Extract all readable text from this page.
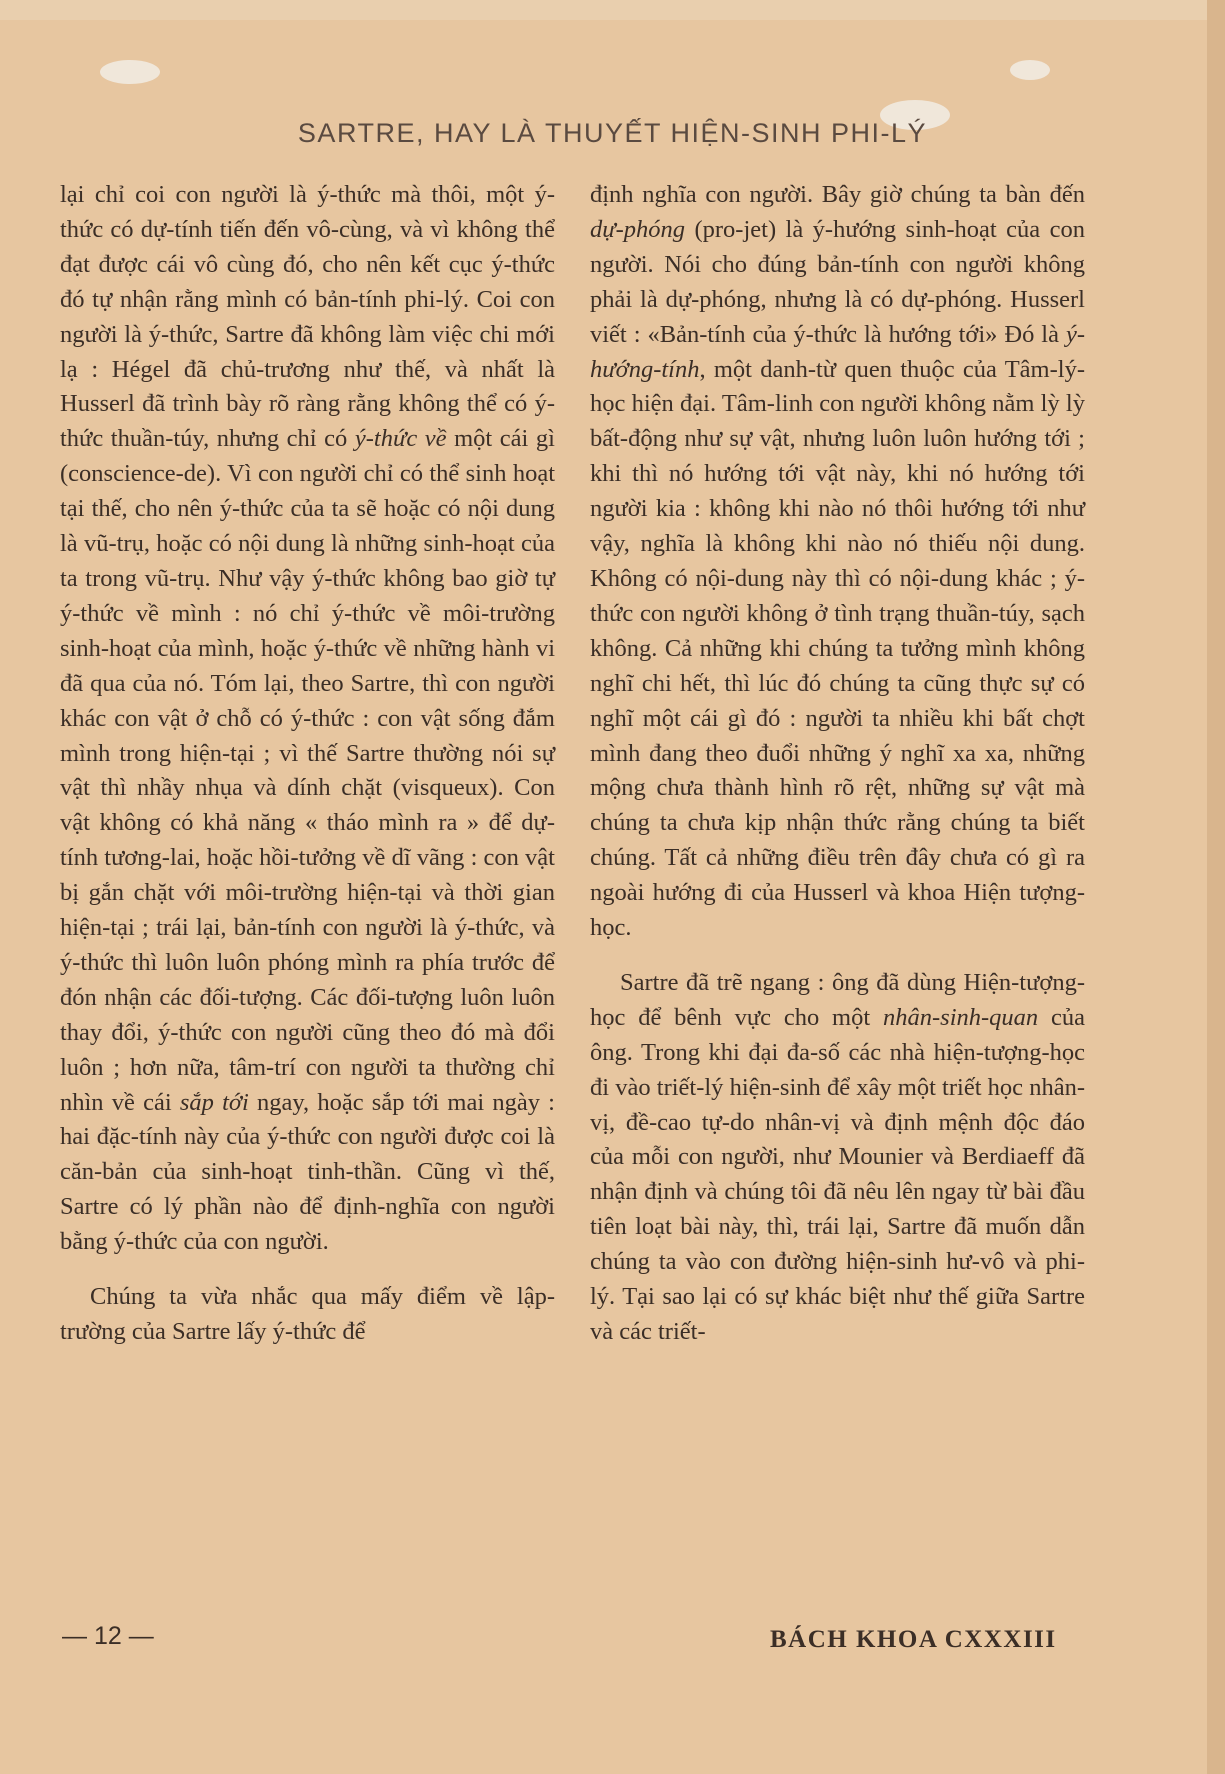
SARTRE, HAY LÀ THUYẾT HIỆN-SINH PHI-LÝ

lại chỉ coi con người là ý-thức mà thôi, một ý-thức có dự-tính tiến đến vô-cùng, và vì không thể đạt được cái vô cùng đó, cho nên kết cục ý-thức đó tự nhận rằng mình có bản-tính phi-lý. Coi con người là ý-thức, Sartre đã không làm việc chi mới lạ : Hégel đã chủ-trương như thế, và nhất là Husserl đã trình bày rõ ràng rằng không thể có ý-thức thuần-túy, nhưng chỉ có ý-thức về một cái gì (conscience-de). Vì con người chỉ có thể sinh hoạt tại thế, cho nên ý-thức của ta sẽ hoặc có nội dung là vũ-trụ, hoặc có nội dung là những sinh-hoạt của ta trong vũ-trụ. Như vậy ý-thức không bao giờ tự ý-thức về mình : nó chỉ ý-thức về môi-trường sinh-hoạt của mình, hoặc ý-thức về những hành vi đã qua của nó. Tóm lại, theo Sartre, thì con người khác con vật ở chỗ có ý-thức : con vật sống đắm mình trong hiện-tại ; vì thế Sartre thường nói sự vật thì nhầy nhụa và dính chặt (visqueux). Con vật không có khả năng « tháo mình ra » để dự-tính tương-lai, hoặc hồi-tưởng về dĩ vãng : con vật bị gắn chặt với môi-trường hiện-tại và thời gian hiện-tại ; trái lại, bản-tính con người là ý-thức, và ý-thức thì luôn luôn phóng mình ra phía trước để đón nhận các đối-tượng. Các đối-tượng luôn luôn thay đổi, ý-thức con người cũng theo đó mà đổi luôn ; hơn nữa, tâm-trí con người ta thường chỉ nhìn về cái sắp tới ngay, hoặc sắp tới mai ngày : hai đặc-tính này của ý-thức con người được coi là căn-bản của sinh-hoạt tinh-thần. Cũng vì thế, Sartre có lý phần nào để định-nghĩa con người bằng ý-thức của con người.

Chúng ta vừa nhắc qua mấy điểm về lập-trường của Sartre lấy ý-thức để

định nghĩa con người. Bây giờ chúng ta bàn đến dự-phóng (pro-jet) là ý-hướng sinh-hoạt của con người. Nói cho đúng bản-tính con người không phải là dự-phóng, nhưng là có dự-phóng. Husserl viết : «Bản-tính của ý-thức là hướng tới» Đó là ý-hướng-tính, một danh-từ quen thuộc của Tâm-lý-học hiện đại. Tâm-linh con người không nằm lỳ lỳ bất-động như sự vật, nhưng luôn luôn hướng tới ; khi thì nó hướng tới vật này, khi nó hướng tới người kia : không khi nào nó thôi hướng tới như vậy, nghĩa là không khi nào nó thiếu nội dung. Không có nội-dung này thì có nội-dung khác ; ý-thức con người không ở tình trạng thuần-túy, sạch không. Cả những khi chúng ta tưởng mình không nghĩ chi hết, thì lúc đó chúng ta cũng thực sự có nghĩ một cái gì đó : người ta nhiều khi bất chợt mình đang theo đuổi những ý nghĩ xa xa, những mộng chưa thành hình rõ rệt, những sự vật mà chúng ta chưa kịp nhận thức rằng chúng ta biết chúng. Tất cả những điều trên đây chưa có gì ra ngoài hướng đi của Husserl và khoa Hiện tượng-học.

Sartre đã trẽ ngang : ông đã dùng Hiện-tượng-học để bênh vực cho một nhân-sinh-quan của ông. Trong khi đại đa-số các nhà hiện-tượng-học đi vào triết-lý hiện-sinh để xây một triết học nhân-vị, đề-cao tự-do nhân-vị và định mệnh độc đáo của mỗi con người, như Mounier và Berdiaeff đã nhận định và chúng tôi đã nêu lên ngay từ bài đầu tiên loạt bài này, thì, trái lại, Sartre đã muốn dẫn chúng ta vào con đường hiện-sinh hư-vô và phi-lý. Tại sao lại có sự khác biệt như thế giữa Sartre và các triết-

— 12 —	BÁCH KHOA CXXXIII
